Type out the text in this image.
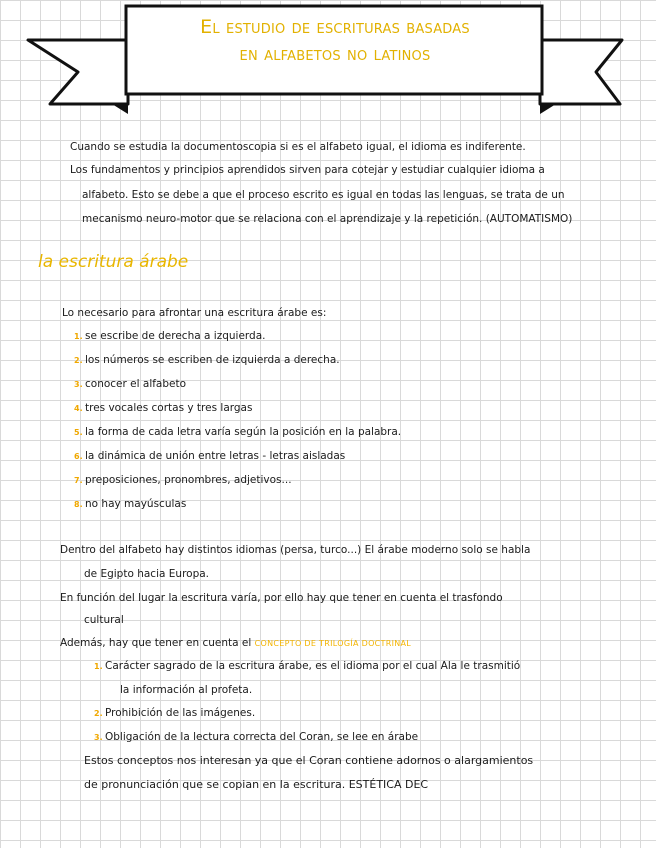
El estudio de escrituras basadas
en alfabetos no latinos
Cuando se estudia la documentoscopia si es el alfabeto igual, el idioma es indiferente.
Los fundamentos y principios aprendidos sirven para cotejar y estudiar cualquier idioma a
alfabeto. Esto se debe a que el proceso escrito es igual en todas las lenguas, se trata de un
mecanismo neuro-motor que se relaciona con el aprendizaje y la repetición. (AUTOMATISMO)
la escritura árabe
Lo necesario para afrontar una escritura árabe es:
1. se escribe de derecha a izquierda.
2. los números se escriben de izquierda a derecha.
3. conocer el alfabeto
4. tres vocales cortas y tres largas
5. la forma de cada letra varía según la posición en la palabra.
6. la dinámica de unión entre letras - letras aisladas
7. preposiciones, pronombres, adjetivos...
8. no hay mayúsculas
Dentro del alfabeto hay distintos idiomas (persa, turco...) El árabe moderno solo se habla
de Egipto hacia Europa.
En función del lugar la escritura varía, por ello hay que tener en cuenta el trasfondo
cultural
Además, hay que tener en cuenta el CONCEPTO DE TRILOGÍA DOCTRINAL
1. Carácter sagrado de la escritura árabe, es el idioma por el cual Ala le trasmitió
la información al profeta.
2. Prohibición de las imágenes.
3. Obligación de la lectura correcta del Coran, se lee en árabe
Estos conceptos nos interesan ya que el Coran contiene adornos o alargamientos
de pronunciación que se copian en la escritura. ESTÉTICA DEC
